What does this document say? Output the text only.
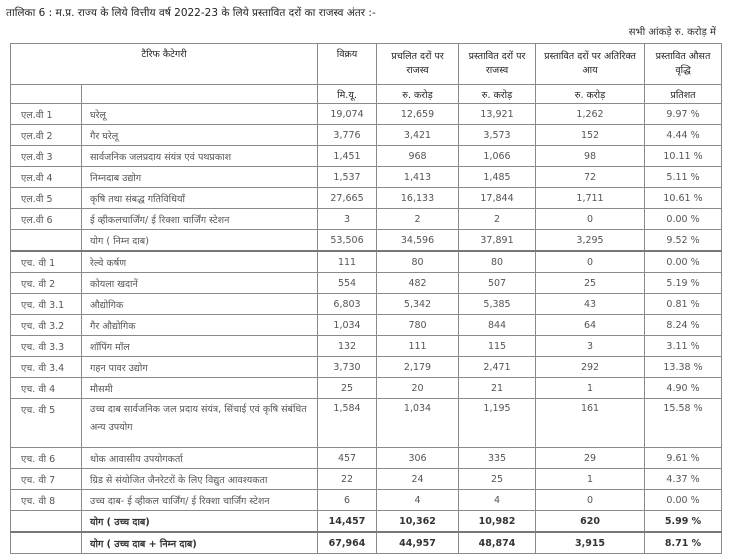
तालिका 6 : म.प्र. राज्य के लिये वित्तीय वर्ष 2022-23 के लिये प्रस्तावित दरों का राजस्व अंतर :-
सभी आंकड़े रु. करोड़ में
टैरिफ कैटेगरी		विक्रय	प्रचलित दरों पर राजस्व	प्रस्तावित दरों पर राजस्व	प्रस्तावित दरों पर अतिरिक्त आय	प्रस्तावित औसत वृद्धि
		मि.यू.	रु. करोड़	रु. करोड़	रु. करोड़	प्रतिशत
एल.वी 1	घरेलू	19,074	12,659	13,921	1,262	9.97 %
एल.वी 2	गैर घरेलू	3,776	3,421	3,573	152	4.44 %
एल.वी 3	सार्वजनिक जलप्रदाय संयंत्र एवं पथप्रकाश	1,451	968	1,066	98	10.11 %
एल.वी 4	निम्नदाब उद्योग	1,537	1,413	1,485	72	5.11 %
एल.वी 5	कृषि तथा संबद्ध गतिविधियाँ	27,665	16,133	17,844	1,711	10.61 %
एल.वी 6	ई व्हीकलचार्जिंग/ ई रिक्शा चार्जिंग स्टेशन	3	2	2	0	0.00 %
	योग ( निम्न दाब)	53,506	34,596	37,891	3,295	9.52 %
एच. वी 1	रेल्वे कर्षण	111	80	80	0	0.00 %
एच. वी 2	कोयला खदानें	554	482	507	25	5.19 %
एच. वी 3.1	औद्योगिक	6,803	5,342	5,385	43	0.81 %
एच. वी 3.2	गैर औद्योगिक	1,034	780	844	64	8.24 %
एच. वी 3.3	शॉपिंग मॉल	132	111	115	3	3.11 %
एच. वी 3.4	गहन पावर उद्योग	3,730	2,179	2,471	292	13.38 %
एच. वी 4	मौसमी	25	20	21	1	4.90 %
एच. वी 5	उच्च दाब सार्वजनिक जल प्रदाय संयंत्र, सिंचाई एवं कृषि संबंधित अन्य उपयोग	1,584	1,034	1,195	161	15.58 %
एच. वी 6	थोक आवासीय उपयोगकर्ता	457	306	335	29	9.61 %
एच. वी 7	ग्रिड से संयोजित जैनरेटरों के लिए विद्युत आवश्यकता	22	24	25	1	4.37 %
एच. वी 8	उच्च दाब- ई व्हीकल चार्जिंग/ ई रिक्शा चार्जिंग स्टेशन	6	4	4	0	0.00 %
	योग ( उच्च दाब)	14,457	10,362	10,982	620	5.99 %
	योग ( उच्च दाब + निम्न दाब)	67,964	44,957	48,874	3,915	8.71 %
